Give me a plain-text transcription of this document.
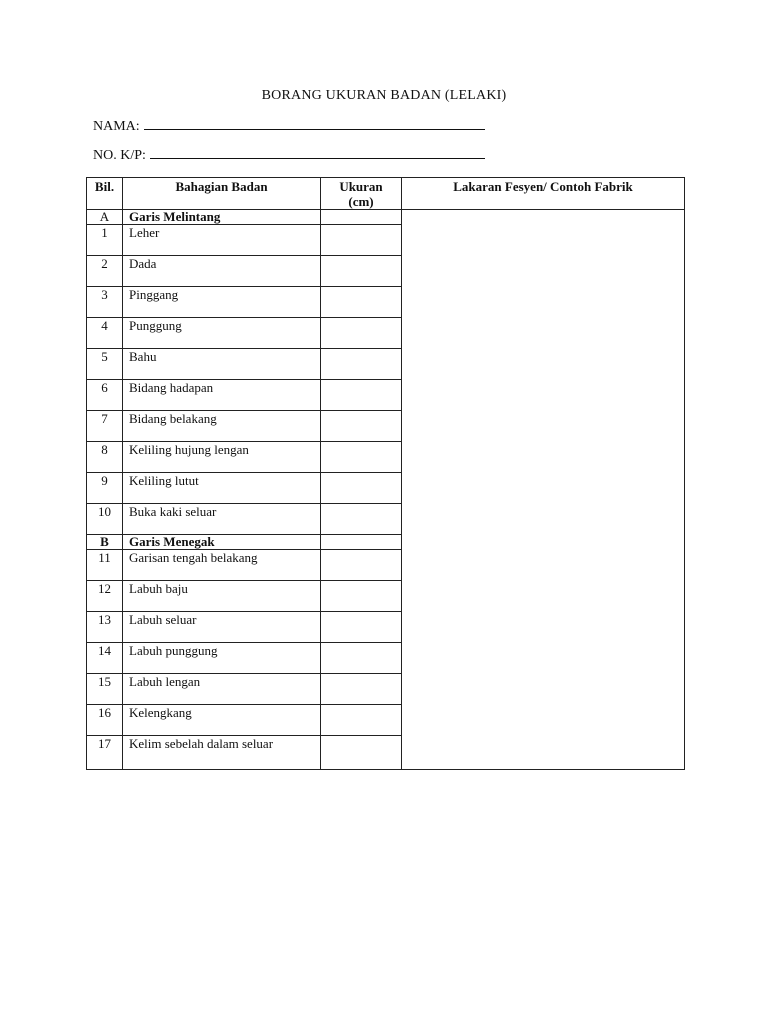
BORANG UKURAN BADAN (LELAKI)
NAMA:
NO. K/P:
Bil.	Bahagian Badan	Ukuran (cm)	Lakaran Fesyen/ Contoh Fabrik
A	Garis Melintang		
1	Leher		
2	Dada		
3	Pinggang		
4	Punggung		
5	Bahu		
6	Bidang hadapan		
7	Bidang belakang		
8	Keliling hujung lengan		
9	Keliling lutut		
10	Buka kaki seluar		
B	Garis Menegak		
11	Garisan tengah belakang		
12	Labuh baju		
13	Labuh seluar		
14	Labuh punggung		
15	Labuh lengan		
16	Kelengkang		
17	Kelim sebelah dalam seluar		
